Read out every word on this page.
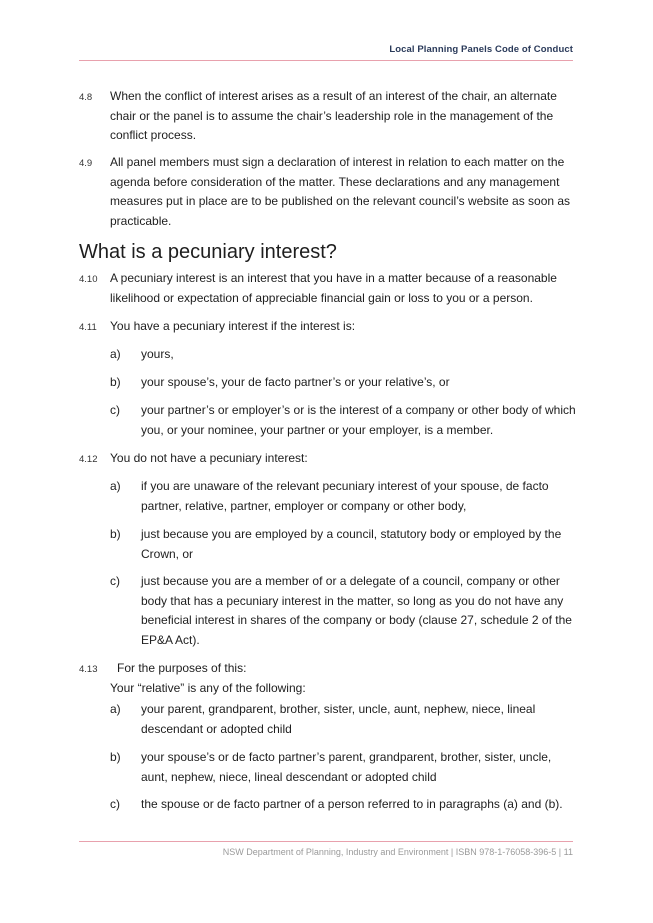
Local Planning Panels Code of Conduct
4.8 When the conflict of interest arises as a result of an interest of the chair, an alternate chair or the panel is to assume the chair’s leadership role in the management of the conflict process.
4.9 All panel members must sign a declaration of interest in relation to each matter on the agenda before consideration of the matter. These declarations and any management measures put in place are to be published on the relevant council’s website as soon as practicable.
What is a pecuniary interest?
4.10 A pecuniary interest is an interest that you have in a matter because of a reasonable likelihood or expectation of appreciable financial gain or loss to you or a person.
4.11 You have a pecuniary interest if the interest is:
a) yours,
b) your spouse’s, your de facto partner’s or your relative’s, or
c) your partner’s or employer’s or is the interest of a company or other body of which you, or your nominee, your partner or your employer, is a member.
4.12 You do not have a pecuniary interest:
a) if you are unaware of the relevant pecuniary interest of your spouse, de facto partner, relative, partner, employer or company or other body,
b) just because you are employed by a council, statutory body or employed by the Crown, or
c) just because you are a member of or a delegate of a council, company or other body that has a pecuniary interest in the matter, so long as you do not have any beneficial interest in shares of the company or body (clause 27, schedule 2 of the EP&A Act).
4.13 For the purposes of this:
Your “relative” is any of the following:
a) your parent, grandparent, brother, sister, uncle, aunt, nephew, niece, lineal descendant or adopted child
b) your spouse’s or de facto partner’s parent, grandparent, brother, sister, uncle, aunt, nephew, niece, lineal descendant or adopted child
c) the spouse or de facto partner of a person referred to in paragraphs (a) and (b).
NSW Department of Planning, Industry and Environment | ISBN 978-1-76058-396-5 | 11
